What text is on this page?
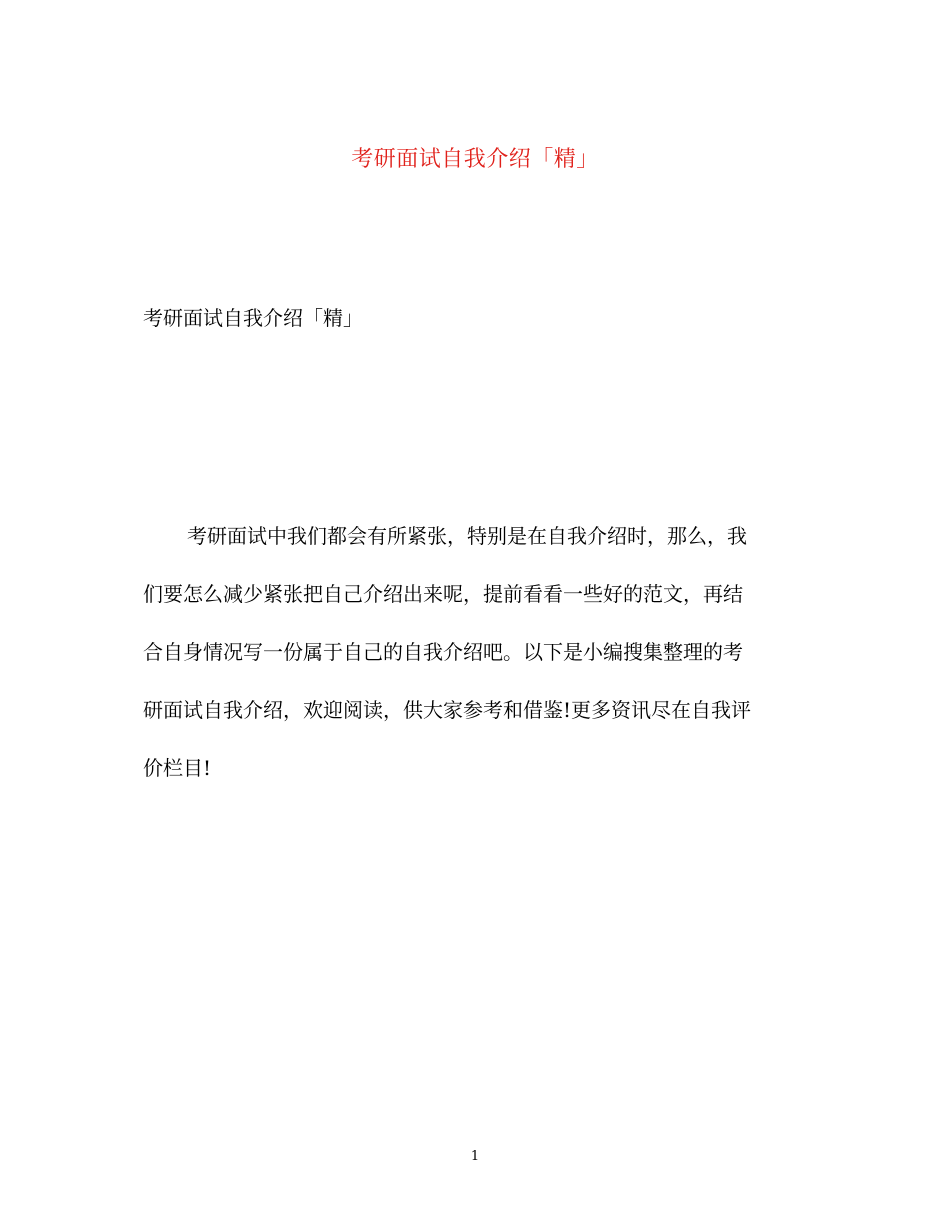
考研面试自我介绍「精」
考研面试自我介绍「精」
考研面试中我们都会有所紧张，特别是在自我介绍时，那么，我
们要怎么减少紧张把自己介绍出来呢，提前看看一些好的范文，再结
合自身情况写一份属于自己的自我介绍吧。以下是小编搜集整理的考
研面试自我介绍，欢迎阅读，供大家参考和借鉴!更多资讯尽在自我评
价栏目!
1
